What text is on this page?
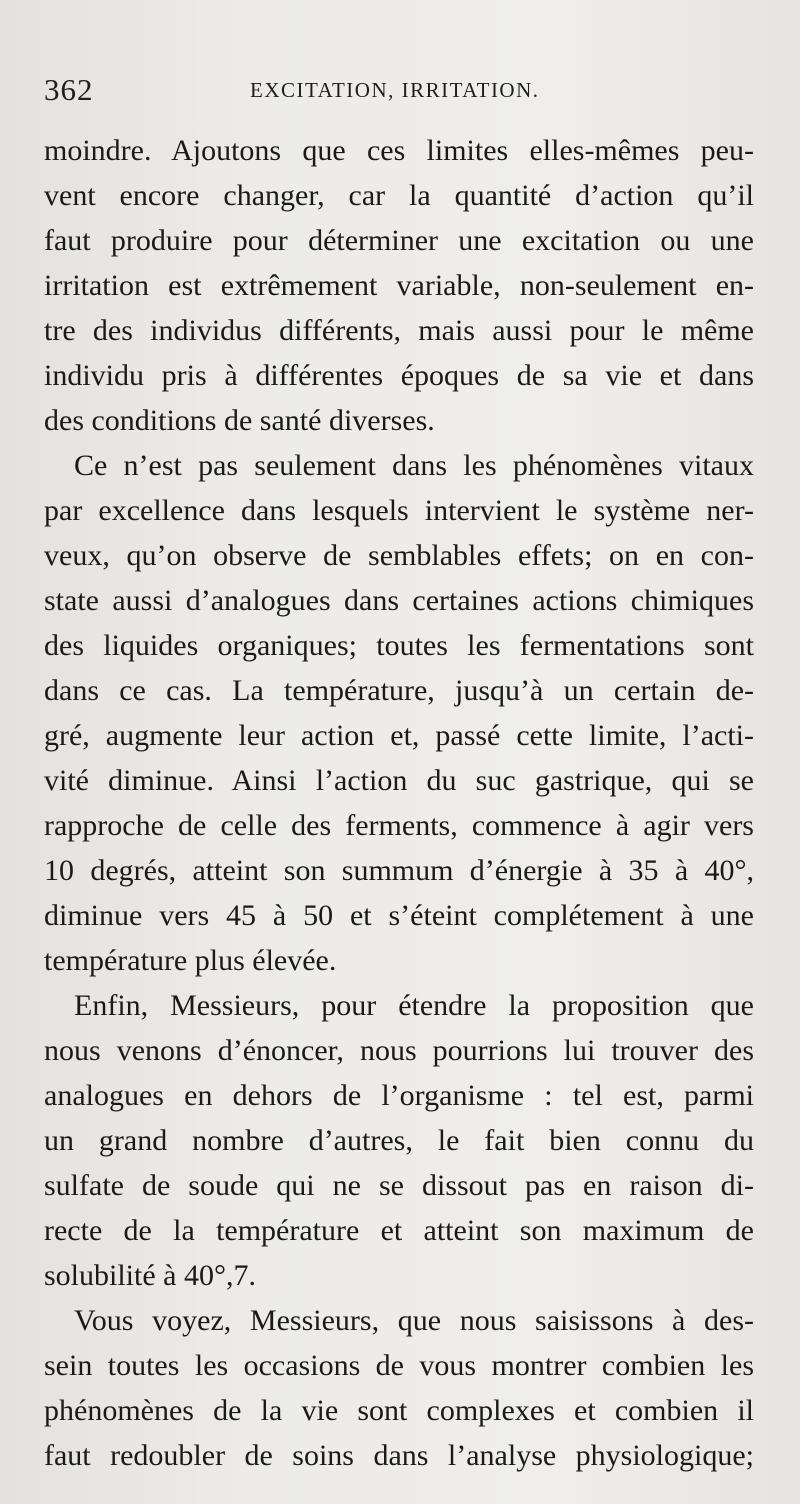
362	EXCITATION, IRRITATION.

moindre. Ajoutons que ces limites elles-mêmes peu-
vent encore changer, car la quantité d’action qu’il
faut produire pour déterminer une excitation ou une
irritation est extrêmement variable, non-seulement en-
tre des individus différents, mais aussi pour le même
individu pris à différentes époques de sa vie et dans
des conditions de santé diverses.

Ce n’est pas seulement dans les phénomènes vitaux
par excellence dans lesquels intervient le système ner-
veux, qu’on observe de semblables effets; on en con-
state aussi d’analogues dans certaines actions chimiques
des liquides organiques; toutes les fermentations sont
dans ce cas. La température, jusqu’à un certain de-
gré, augmente leur action et, passé cette limite, l’acti-
vité diminue. Ainsi l’action du suc gastrique, qui se
rapproche de celle des ferments, commence à agir vers
10 degrés, atteint son summum d’énergie à 35 à 40°,
diminue vers 45 à 50 et s’éteint complétement à une
température plus élevée.

Enfin, Messieurs, pour étendre la proposition que
nous venons d’énoncer, nous pourrions lui trouver des
analogues en dehors de l’organisme : tel est, parmi
un grand nombre d’autres, le fait bien connu du
sulfate de soude qui ne se dissout pas en raison di-
recte de la température et atteint son maximum de
solubilité à 40°,7.

Vous voyez, Messieurs, que nous saisissons à des-
sein toutes les occasions de vous montrer combien les
phénomènes de la vie sont complexes et combien il
faut redoubler de soins dans l’analyse physiologique;
